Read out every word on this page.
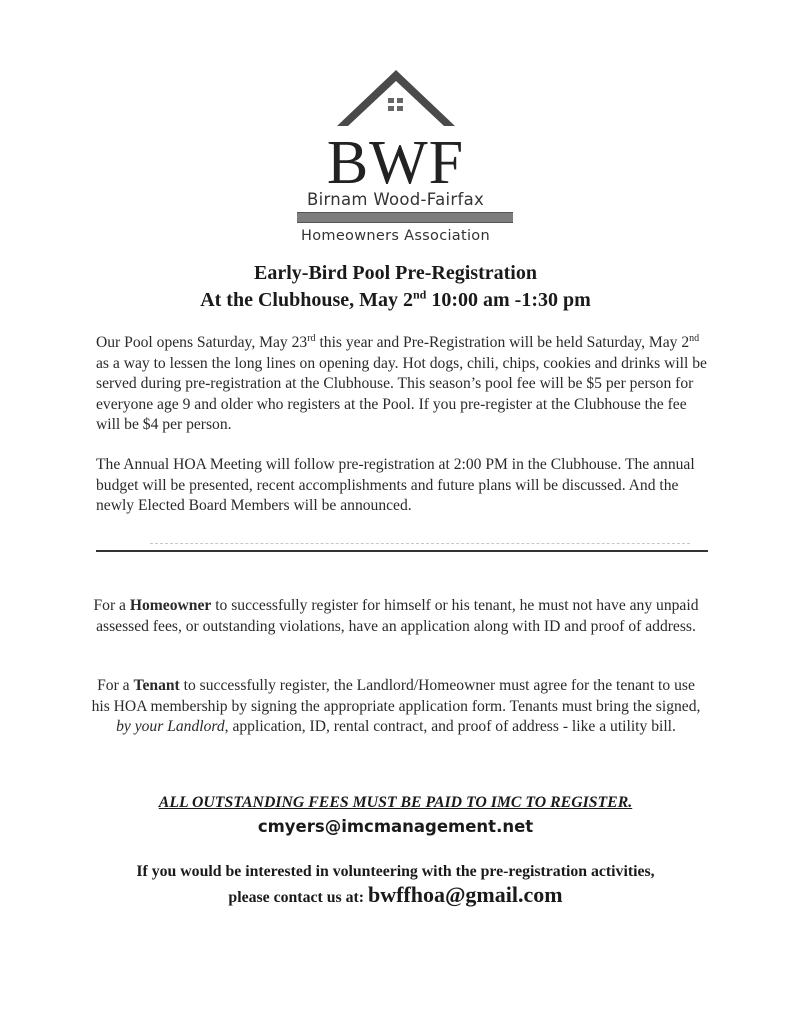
BWF
Birnam Wood-Fairfax
Homeowners Association
Early-Bird Pool Pre-Registration
At the Clubhouse, May 2nd 10:00 am -1:30 pm
Our Pool opens Saturday, May 23rd this year and Pre-Registration will be held Saturday, May 2nd as a way to lessen the long lines on opening day. Hot dogs, chili, chips, cookies and drinks will be served during pre-registration at the Clubhouse. This season’s pool fee will be $5 per person for everyone age 9 and older who registers at the Pool. If you pre-register at the Clubhouse the fee will be $4 per person.
The Annual HOA Meeting will follow pre-registration at 2:00 PM in the Clubhouse. The annual budget will be presented, recent accomplishments and future plans will be discussed. And the newly Elected Board Members will be announced.
For a Homeowner to successfully register for himself or his tenant, he must not have any unpaid assessed fees, or outstanding violations, have an application along with ID and proof of address.
For a Tenant to successfully register, the Landlord/Homeowner must agree for the tenant to use his HOA membership by signing the appropriate application form. Tenants must bring the signed, by your Landlord, application, ID, rental contract, and proof of address - like a utility bill.
ALL OUTSTANDING FEES MUST BE PAID TO IMC TO REGISTER.
cmyers@imcmanagement.net
If you would be interested in volunteering with the pre-registration activities,
please contact us at: bwffhoa@gmail.com
